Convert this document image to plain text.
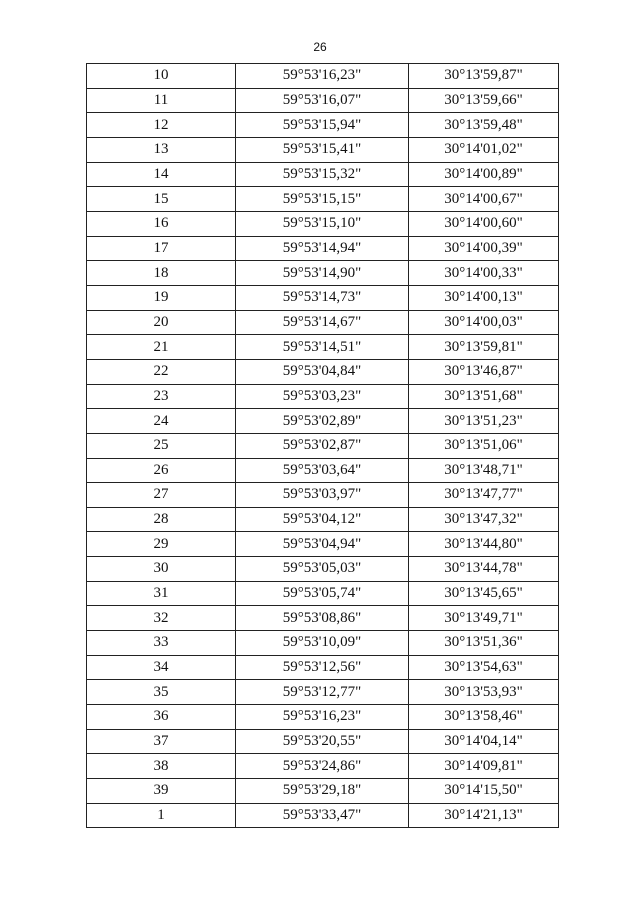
26
10	59°53'16,23"	30°13'59,87"
11	59°53'16,07"	30°13'59,66"
12	59°53'15,94"	30°13'59,48"
13	59°53'15,41"	30°14'01,02"
14	59°53'15,32"	30°14'00,89"
15	59°53'15,15"	30°14'00,67"
16	59°53'15,10"	30°14'00,60"
17	59°53'14,94"	30°14'00,39"
18	59°53'14,90"	30°14'00,33"
19	59°53'14,73"	30°14'00,13"
20	59°53'14,67"	30°14'00,03"
21	59°53'14,51"	30°13'59,81"
22	59°53'04,84"	30°13'46,87"
23	59°53'03,23"	30°13'51,68"
24	59°53'02,89"	30°13'51,23"
25	59°53'02,87"	30°13'51,06"
26	59°53'03,64"	30°13'48,71"
27	59°53'03,97"	30°13'47,77"
28	59°53'04,12"	30°13'47,32"
29	59°53'04,94"	30°13'44,80"
30	59°53'05,03"	30°13'44,78"
31	59°53'05,74"	30°13'45,65"
32	59°53'08,86"	30°13'49,71"
33	59°53'10,09"	30°13'51,36"
34	59°53'12,56"	30°13'54,63"
35	59°53'12,77"	30°13'53,93"
36	59°53'16,23"	30°13'58,46"
37	59°53'20,55"	30°14'04,14"
38	59°53'24,86"	30°14'09,81"
39	59°53'29,18"	30°14'15,50"
1	59°53'33,47"	30°14'21,13"
